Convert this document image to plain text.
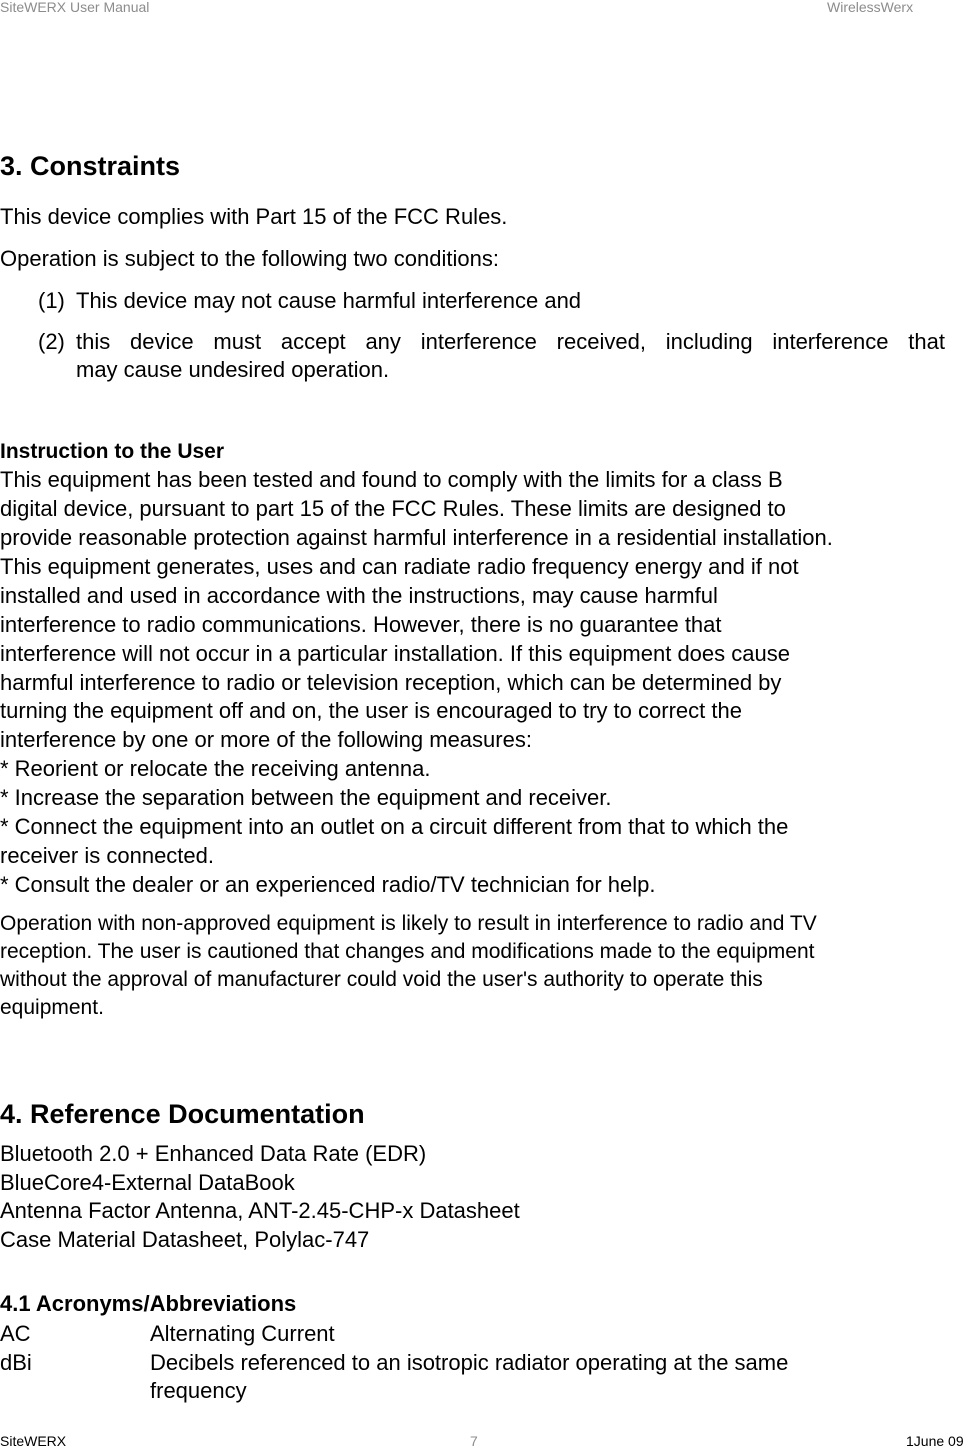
SiteWERX User Manual	WirelessWerx
3. Constraints
This device complies with Part 15 of the FCC Rules.
Operation is subject to the following two conditions:
(1) This device may not cause harmful interference and
(2) this device must accept any interference received, including interference that
may cause undesired operation.
Instruction to the User
This equipment has been tested and found to comply with the limits for a class B
digital device, pursuant to part 15 of the FCC Rules. These limits are designed to
provide reasonable protection against harmful interference in a residential installation.
This equipment generates, uses and can radiate radio frequency energy and if not
installed and used in accordance with the instructions, may cause harmful
interference to radio communications. However, there is no guarantee that
interference will not occur in a particular installation. If this equipment does cause
harmful interference to radio or television reception, which can be determined by
turning the equipment off and on, the user is encouraged to try to correct the
interference by one or more of the following measures:
* Reorient or relocate the receiving antenna.
* Increase the separation between the equipment and receiver.
* Connect the equipment into an outlet on a circuit different from that to which the
receiver is connected.
* Consult the dealer or an experienced radio/TV technician for help.
Operation with non-approved equipment is likely to result in interference to radio and TV
reception. The user is cautioned that changes and modifications made to the equipment
without the approval of manufacturer could void the user's authority to operate this
equipment.
4. Reference Documentation
Bluetooth 2.0 + Enhanced Data Rate (EDR)
BlueCore4-External DataBook
Antenna Factor Antenna, ANT-2.45-CHP-x Datasheet
Case Material Datasheet, Polylac-747
4.1 Acronyms/Abbreviations
AC	Alternating Current
dBi	Decibels referenced to an isotropic radiator operating at the same
frequency
SiteWERX	7	1June 09
